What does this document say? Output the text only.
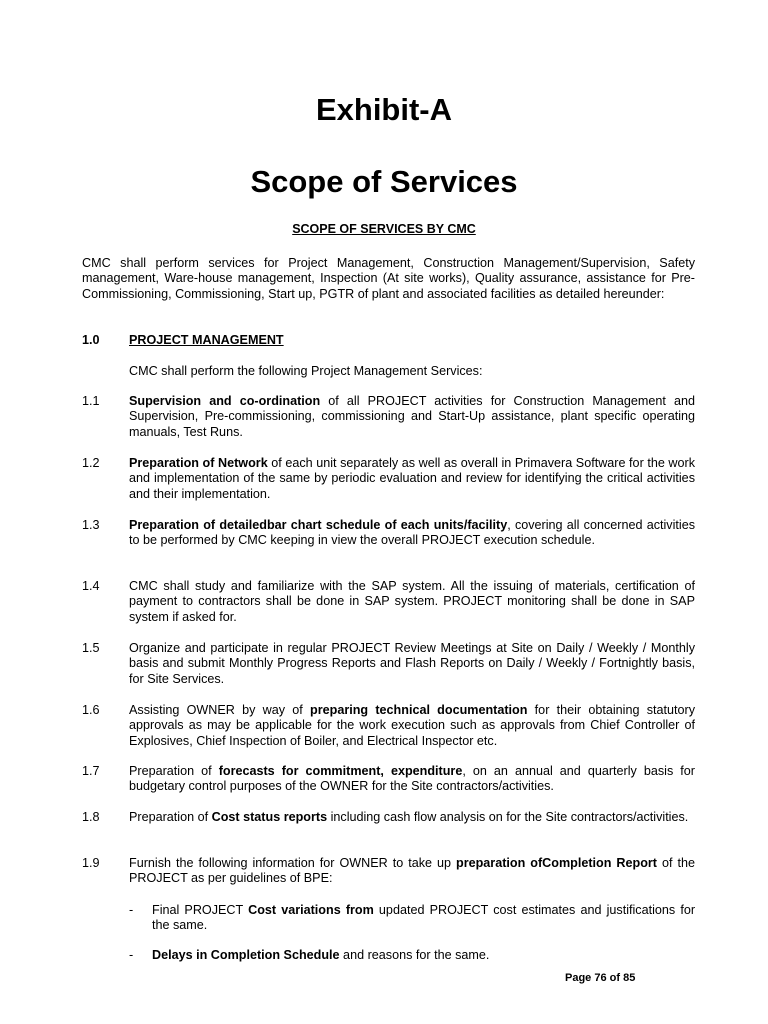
Exhibit-A
Scope of Services
SCOPE OF SERVICES BY CMC

CMC shall perform services for Project Management, Construction Management/Supervision, Safety management, Ware-house management, Inspection (At site works), Quality assurance, assistance for Pre-Commissioning, Commissioning, Start up, PGTR of plant and associated facilities as detailed hereunder:

1.0 PROJECT MANAGEMENT

CMC shall perform the following Project Management Services:

1.1 Supervision and co-ordination of all PROJECT activities for Construction Management and Supervision, Pre-commissioning, commissioning and Start-Up assistance, plant specific operating manuals, Test Runs.

1.2 Preparation of Network of each unit separately as well as overall in Primavera Software for the work and implementation of the same by periodic evaluation and review for identifying the critical activities and their implementation.

1.3 Preparation of detailedbar chart schedule of each units/facility, covering all concerned activities to be performed by CMC keeping in view the overall PROJECT execution schedule.

1.4 CMC shall study and familiarize with the SAP system. All the issuing of materials, certification of payment to contractors shall be done in SAP system. PROJECT monitoring shall be done in SAP system if asked for.

1.5 Organize and participate in regular PROJECT Review Meetings at Site on Daily / Weekly / Monthly basis and submit Monthly Progress Reports and Flash Reports on Daily / Weekly / Fortnightly basis, for Site Services.

1.6 Assisting OWNER by way of preparing technical documentation for their obtaining statutory approvals as may be applicable for the work execution such as approvals from Chief Controller of Explosives, Chief Inspection of Boiler, and Electrical Inspector etc.

1.7 Preparation of forecasts for commitment, expenditure, on an annual and quarterly basis for budgetary control purposes of the OWNER for the Site contractors/activities.

1.8 Preparation of Cost status reports including cash flow analysis on for the Site contractors/activities.

1.9 Furnish the following information for OWNER to take up preparation ofCompletion Report of the PROJECT as per guidelines of BPE:

- Final PROJECT Cost variations from updated PROJECT cost estimates and justifications for the same.

- Delays in Completion Schedule and reasons for the same.

Page 76 of 85
